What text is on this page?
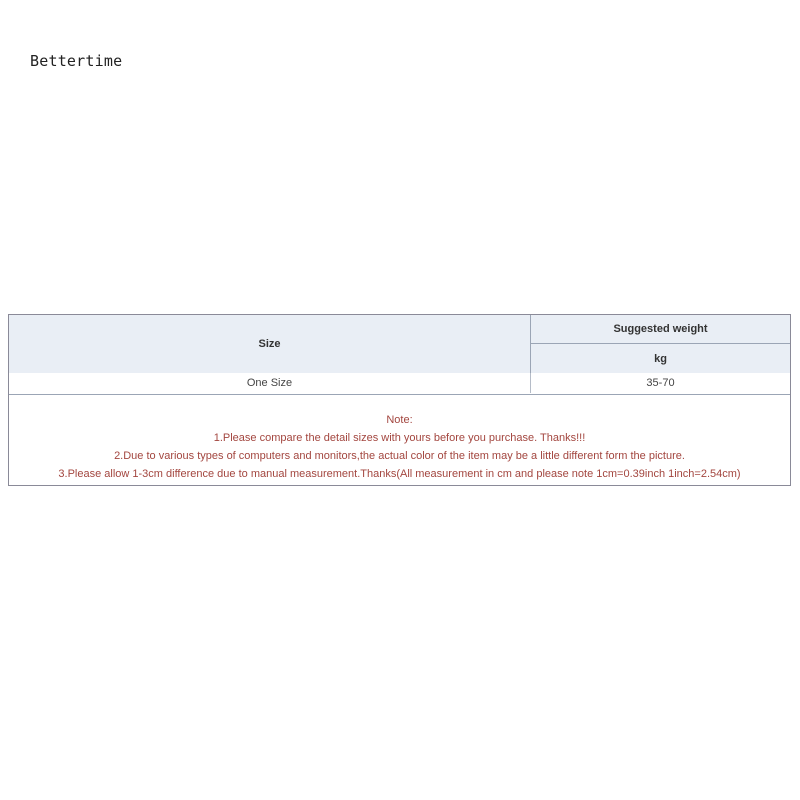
Bettertime
Size
Suggested weight
kg
One Size	35-70
Note:
1.Please compare the detail sizes with yours before you purchase. Thanks!!!
2.Due to various types of computers and monitors,the actual color of the item may be a little different form the picture.
3.Please allow 1-3cm difference due to manual measurement.Thanks(All measurement in cm and please note 1cm=0.39inch 1inch=2.54cm)
